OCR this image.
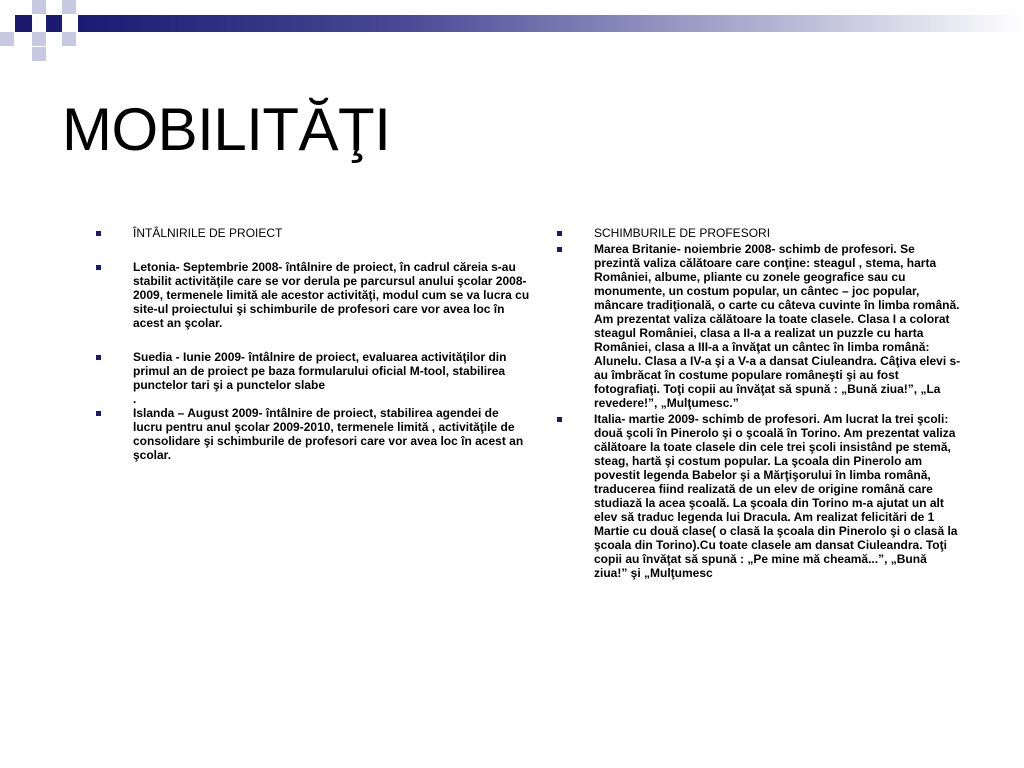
MOBILITĂŢI
ÎNTÂLNIRILE DE PROIECT
Letonia- Septembrie 2008- întâlnire de proiect, în cadrul căreia s-au stabilit activităţile care se vor derula pe parcursul anului şcolar 2008-2009, termenele limită ale acestor activităţi, modul cum se va lucra cu site-ul proiectului şi schimburile de profesori care vor avea loc în acest an şcolar.
Suedia - Iunie 2009- întâlnire de proiect, evaluarea activităţilor din primul an de proiect pe baza formularului oficial M-tool, stabilirea punctelor tari şi a punctelor slabe
.
Islanda – August 2009- întâlnire de proiect, stabilirea agendei de lucru pentru anul şcolar 2009-2010, termenele limită , activităţile de consolidare şi schimburile de profesori care vor avea loc în acest an şcolar.
SCHIMBURILE DE PROFESORI
Marea Britanie- noiembrie 2008- schimb de profesori. Se prezintă valiza călătoare care conţine: steagul , stema, harta României, albume, pliante cu zonele geografice sau cu monumente, un costum popular, un cântec – joc popular, mâncare tradiţională, o carte cu câteva cuvinte în limba română. Am prezentat valiza călătoare la toate clasele. Clasa I a colorat steagul României, clasa a II-a a realizat un puzzle cu harta României, clasa a III-a a învăţat un cântec în limba română: Alunelu. Clasa a IV-a şi a V-a a dansat Ciuleandra. Câţiva elevi s-au îmbrăcat în costume populare româneşti şi au fost fotografiaţi. Toţi copii au învăţat să spună : „Bună ziua!”, „La revedere!”, „Mulţumesc.”
Italia- martie 2009- schimb de profesori. Am lucrat la trei şcoli: două şcoli în Pinerolo şi o şcoală în Torino. Am prezentat valiza călătoare la toate clasele din cele trei şcoli insistând pe stemă, steag, hartă şi costum popular. La şcoala din Pinerolo am povestit legenda Babelor şi a Mărţişorului în limba română, traducerea fiind realizată de un elev de origine română care studiază la acea şcoală. La şcoala din Torino m-a ajutat un alt elev să traduc legenda lui Dracula. Am realizat felicitări de 1 Martie cu două clase( o clasă la şcoala din Pinerolo şi o clasă la şcoala din Torino).Cu toate clasele am dansat Ciuleandra. Toţi copii au învăţat să spună : „Pe mine mă cheamă...”, „Bună ziua!” şi „Mulţumesc
